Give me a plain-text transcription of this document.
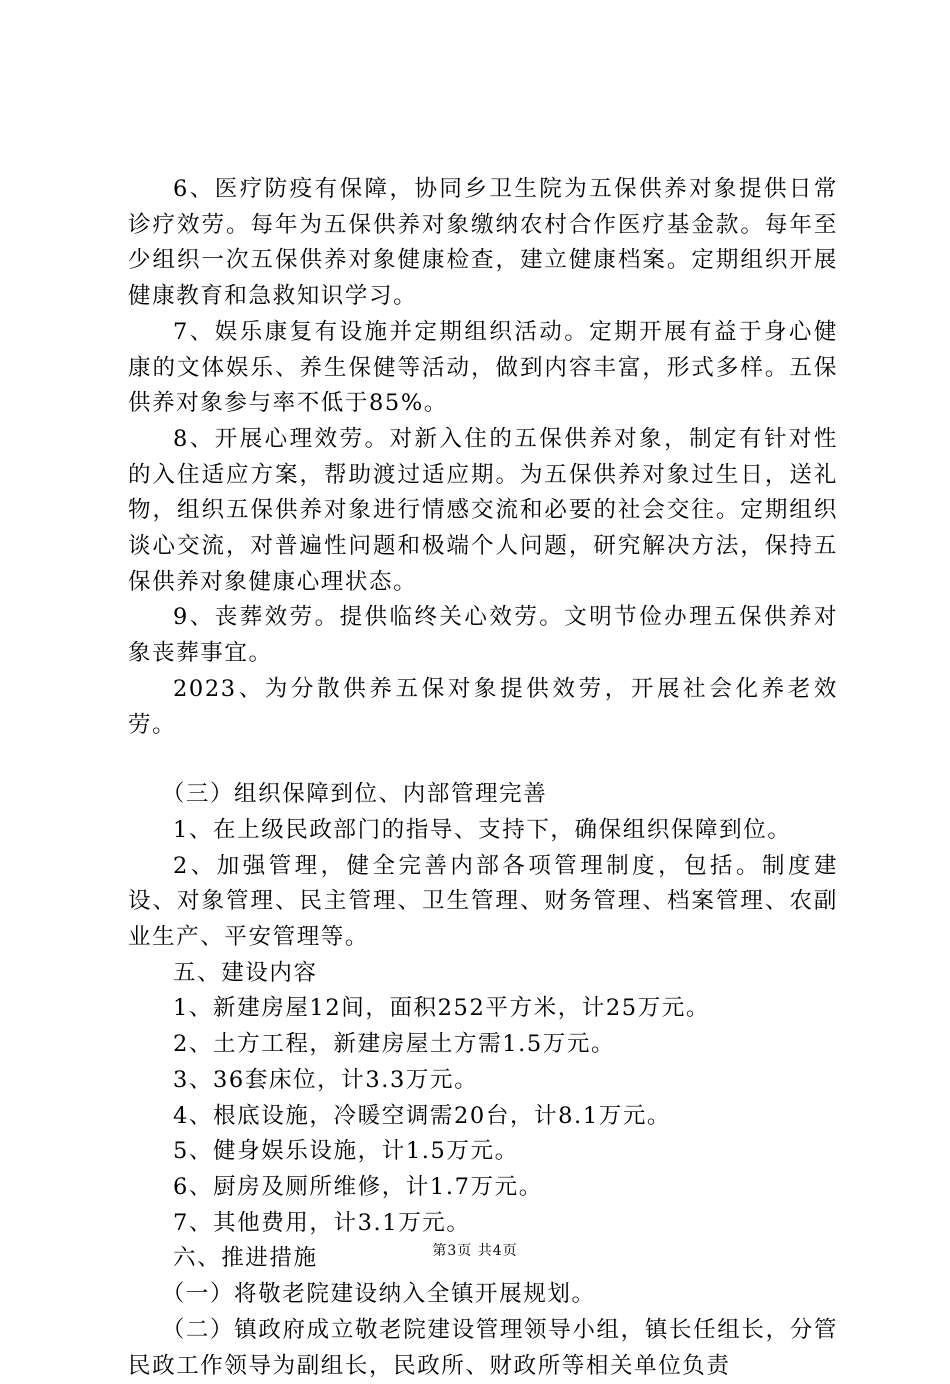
6、医疗防疫有保障，协同乡卫生院为五保供养对象提供日常诊疗效劳。每年为五保供养对象缴纳农村合作医疗基金款。每年至少组织一次五保供养对象健康检查，建立健康档案。定期组织开展健康教育和急救知识学习。

7、娱乐康复有设施并定期组织活动。定期开展有益于身心健康的文体娱乐、养生保健等活动，做到内容丰富，形式多样。五保供养对象参与率不低于85%。

8、开展心理效劳。对新入住的五保供养对象，制定有针对性的入住适应方案，帮助渡过适应期。为五保供养对象过生日，送礼物，组织五保供养对象进行情感交流和必要的社会交往。定期组织谈心交流，对普遍性问题和极端个人问题，研究解决方法，保持五保供养对象健康心理状态。

9、丧葬效劳。提供临终关心效劳。文明节俭办理五保供养对象丧葬事宜。

2023、为分散供养五保对象提供效劳，开展社会化养老效劳。

（三）组织保障到位、内部管理完善

1、在上级民政部门的指导、支持下，确保组织保障到位。

2、加强管理，健全完善内部各项管理制度，包括。制度建设、对象管理、民主管理、卫生管理、财务管理、档案管理、农副业生产、平安管理等。

五、建设内容

1、新建房屋12间，面积252平方米，计25万元。

2、土方工程，新建房屋土方需1.5万元。

3、36套床位，计3.3万元。

4、根底设施，冷暖空调需20台，计8.1万元。

5、健身娱乐设施，计1.5万元。

6、厨房及厕所维修，计1.7万元。

7、其他费用，计3.1万元。

六、推进措施

（一）将敬老院建设纳入全镇开展规划。

（二）镇政府成立敬老院建设管理领导小组，镇长任组长，分管民政工作领导为副组长，民政所、财政所等相关单位负责

第3页 共4页
